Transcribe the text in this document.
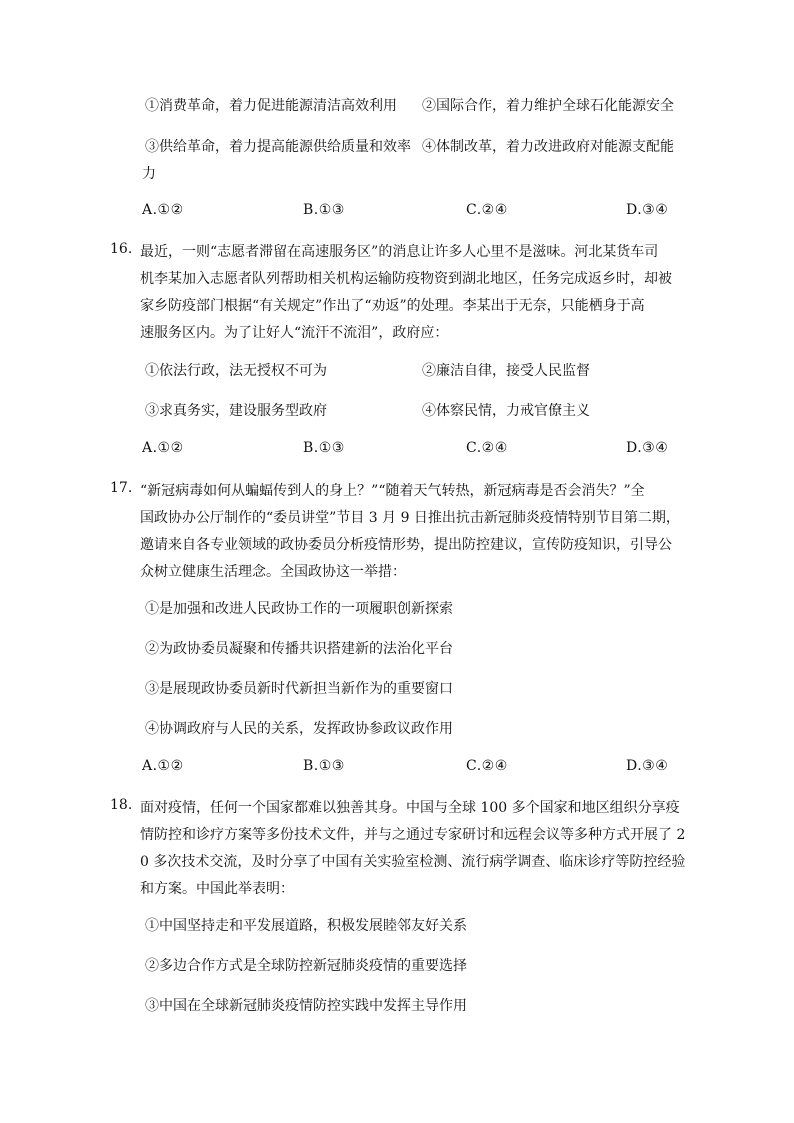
①消费革命，着力促进能源清洁高效利用 ②国际合作，着力维护全球石化能源安全
③供给革命，着力提高能源供给质量和效率 ④体制改革，着力改进政府对能源支配能
力
A.①②	B.①③	C.②④	D.③④
16. 最近，一则“志愿者滞留在高速服务区”的消息让许多人心里不是滋味。河北某货车司
机李某加入志愿者队列帮助相关机构运输防疫物资到湖北地区，任务完成返乡时，却被
家乡防疫部门根据“有关规定”作出了“劝返”的处理。李某出于无奈，只能栖身于高
速服务区内。为了让好人“流汗不流泪”，政府应：
①依法行政，法无授权不可为	②廉洁自律，接受人民监督
③求真务实，建设服务型政府	④体察民情，力戒官僚主义
A.①②	B.①③	C.②④	D.③④
17. “新冠病毒如何从蝙蝠传到人的身上？”“随着天气转热，新冠病毒是否会消失？”全
国政协办公厅制作的“委员讲堂”节目 3 月 9 日推出抗击新冠肺炎疫情特别节目第二期，
邀请来自各专业领域的政协委员分析疫情形势，提出防控建议，宣传防疫知识，引导公
众树立健康生活理念。全国政协这一举措：
①是加强和改进人民政协工作的一项履职创新探索
②为政协委员凝聚和传播共识搭建新的法治化平台
③是展现政协委员新时代新担当新作为的重要窗口
④协调政府与人民的关系，发挥政协参政议政作用
A.①②	B.①③	C.②④	D.③④
18. 面对疫情，任何一个国家都难以独善其身。中国与全球 100 多个国家和地区组织分享疫
情防控和诊疗方案等多份技术文件，并与之通过专家研讨和远程会议等多种方式开展了 2
0 多次技术交流，及时分享了中国有关实验室检测、流行病学调查、临床诊疗等防控经验
和方案。中国此举表明：
①中国坚持走和平发展道路，积极发展睦邻友好关系
②多边合作方式是全球防控新冠肺炎疫情的重要选择
③中国在全球新冠肺炎疫情防控实践中发挥主导作用
